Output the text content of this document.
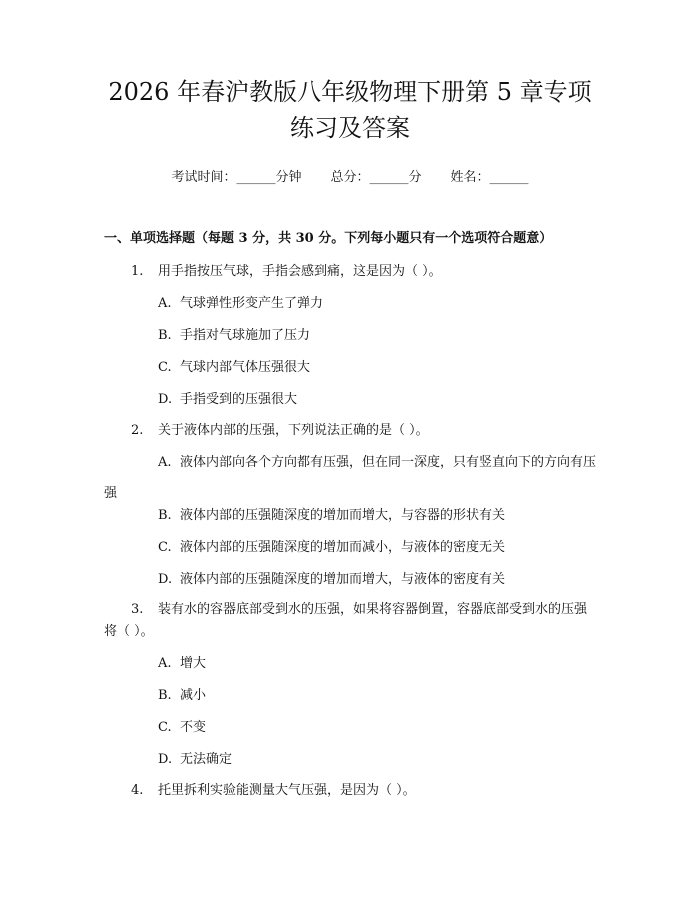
2026 年春沪教版八年级物理下册第 5 章专项
练习及答案
考试时间：______分钟 总分：______分 姓名：______
一、单项选择题（每题 3 分，共 30 分。下列每小题只有一个选项符合题意）
1. 用手指按压气球，手指会感到痛，这是因为（ ）。
A. 气球弹性形变产生了弹力
B. 手指对气球施加了压力
C. 气球内部气体压强很大
D. 手指受到的压强很大
2. 关于液体内部的压强，下列说法正确的是（ ）。
A. 液体内部向各个方向都有压强，但在同一深度，只有竖直向下的方向有压强
B. 液体内部的压强随深度的增加而增大，与容器的形状有关
C. 液体内部的压强随深度的增加而减小，与液体的密度无关
D. 液体内部的压强随深度的增加而增大，与液体的密度有关
3. 装有水的容器底部受到水的压强，如果将容器倒置，容器底部受到水的压强将（ ）。
A. 增大
B. 减小
C. 不变
D. 无法确定
4. 托里拆利实验能测量大气压强，是因为（ ）。
